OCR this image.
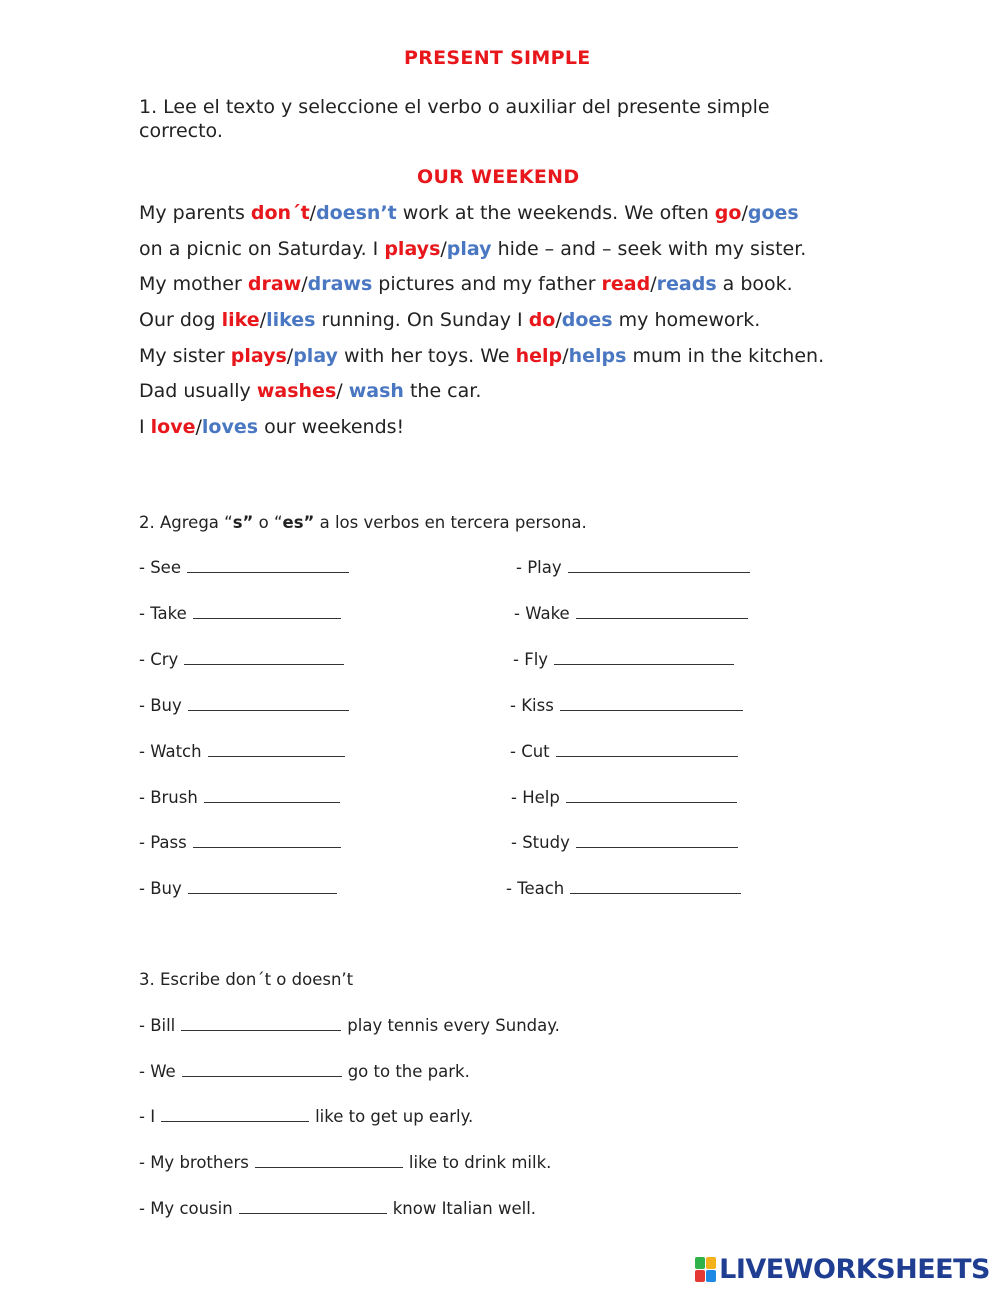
PRESENT SIMPLE
1. Lee el texto y seleccione el verbo o auxiliar del presente simple
correcto.
OUR WEEKEND
My parents don´t/doesn’t work at the weekends. We often go/goes
on a picnic on Saturday. I plays/play hide – and – seek with my sister.
My mother draw/draws pictures and my father read/reads a book.
Our dog like/likes running. On Sunday I do/does my homework.
My sister plays/play with her toys. We help/helps mum in the kitchen.
Dad usually washes/ wash the car.
I love/loves our weekends!
2. Agrega “s” o “es” a los verbos en tercera persona.
- See
- Take
- Cry
- Buy
- Watch
- Brush
- Pass
- Buy
- Play
- Wake
- Fly
- Kiss
- Cut
- Help
- Study
- Teach
3. Escribe don´t o doesn’t
- Bill	play tennis every Sunday.
- We	go to the park.
- I	like to get up early.
- My brothers	like to drink milk.
- My cousin	know Italian well.
LIVEWORKSHEETS
